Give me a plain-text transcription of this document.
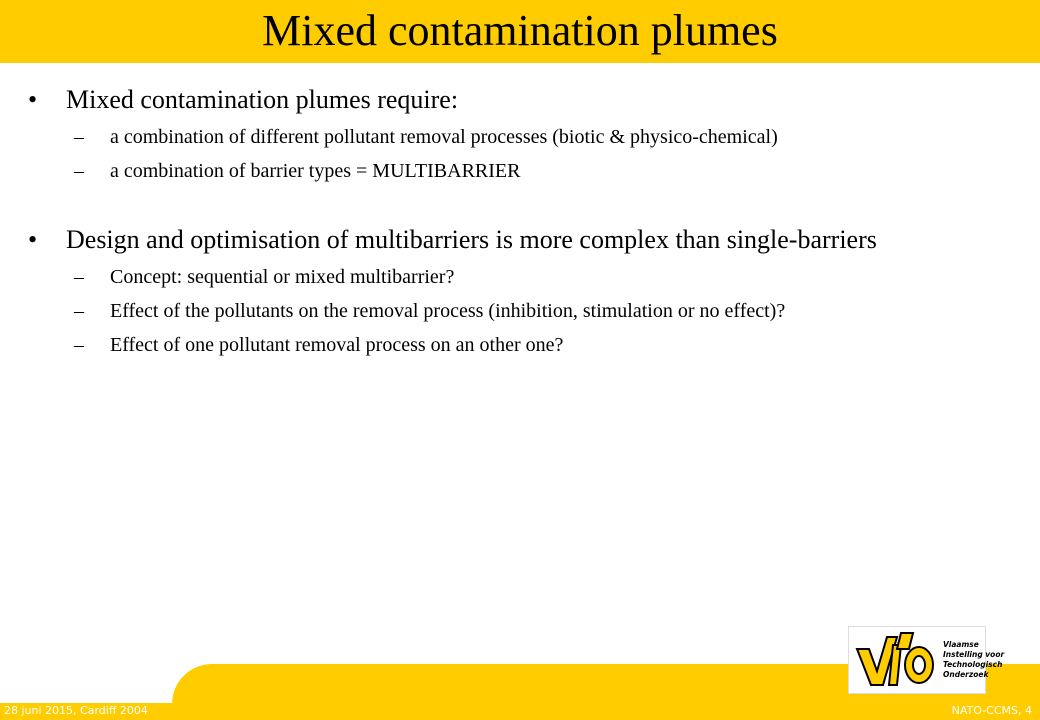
Mixed contamination plumes
• Mixed contamination plumes require:
– a combination of different pollutant removal processes (biotic & physico-chemical)
– a combination of barrier types = MULTIBARRIER
• Design and optimisation of multibarriers is more complex than single-barriers
– Concept: sequential or mixed multibarrier?
– Effect of the pollutants on the removal process (inhibition, stimulation or no effect)?
– Effect of one pollutant removal process on an other one?
Vlaamse
Instelling voor
Technologisch
Onderzoek
28 juni 2015, Cardiff 2004	NATO-CCMS, 4
